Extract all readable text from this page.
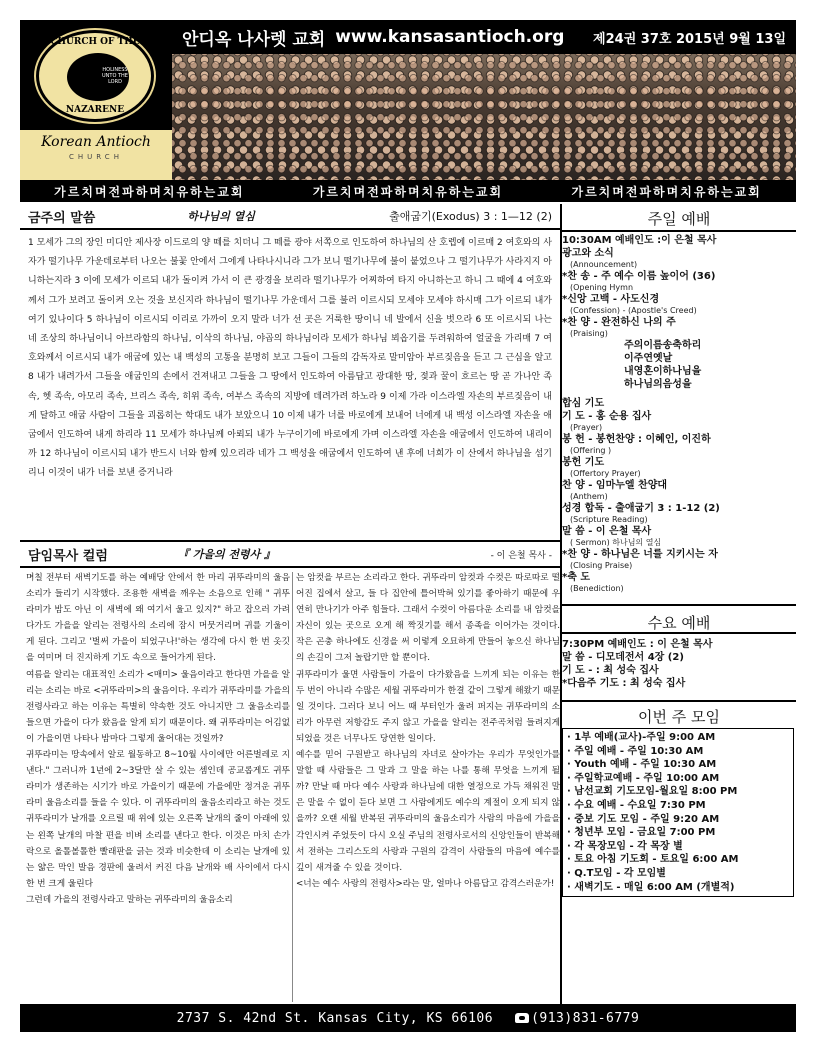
CHURCH OF THE
HOLINESS UNTO THE LORD
NAZARENE
Korean Antioch
CHURCH
안디옥 나사렛 교회 www.kansasantioch.org 제24권 37호 2015년 9월 13일
가르치며전파하며치유하는교회	가르치며전파하며치유하는교회	가르치며전파하며치유하는교회
금주의 말씀	하나님의 열심	출애굽기(Exodus) 3 : 1—12 (2)
1 모세가 그의 장인 미디안 제사장 이드로의 양 떼를 치더니 그 떼를 광야 서쪽으로 인도하여 하나님의 산 호렙에 이르매 2 여호와의 사자가 떨기나무 가운데로부터 나오는 불꽃 안에서 그에게 나타나시니라 그가 보니 떨기나무에 불이 붙었으나 그 떨기나무가 사라지지 아니하는지라 3 이에 모세가 이르되 내가 돌이켜 가서 이 큰 광경을 보리라 떨기나무가 어찌하여 타지 아니하는고 하니 그 때에 4 여호와께서 그가 보려고 돌이켜 오는 것을 보신지라 하나님이 떨기나무 가운데서 그를 불러 이르시되 모세야 모세야 하시매 그가 이르되 내가 여기 있나이다 5 하나님이 이르시되 이리로 가까이 오지 말라 너가 선 곳은 거룩한 땅이니 네 발에서 신을 벗으라 6 또 이르시되 나는 네 조상의 하나님이니 아브라함의 하나님, 이삭의 하나님, 야곱의 하나님이라 모세가 하나님 뵈옵기를 두려워하여 얼굴을 가리매 7 여호와께서 이르시되 내가 애굽에 있는 내 백성의 고통을 분명히 보고 그들이 그들의 감독자로 말미암아 부르짖음을 듣고 그 근심을 알고 8 내가 내려가서 그들을 애굽인의 손에서 건져내고 그들을 그 땅에서 인도하여 아름답고 광대한 땅, 젖과 꿀이 흐르는 땅 곧 가나안 족속, 헷 족속, 아모리 족속, 브리스 족속, 히위 족속, 여부스 족속의 지방에 데려가려 하노라 9 이제 가라 이스라엘 자손의 부르짖음이 내게 달하고 애굽 사람이 그들을 괴롭히는 학대도 내가 보았으니 10 이제 내가 너를 바로에게 보내어 너에게 내 백성 이스라엘 자손을 애굽에서 인도하여 내게 하리라 11 모세가 하나님께 아뢰되 내가 누구이기에 바로에게 가며 이스라엘 자손을 애굽에서 인도하여 내리이까 12 하나님이 이르시되 내가 반드시 너와 함께 있으리라 네가 그 백성을 애굽에서 인도하여 낸 후에 너희가 이 산에서 하나님을 섬기리니 이것이 내가 너를 보낸 증거니라
담임목사 컬럼	『 가을의 전령사 』	- 이 은철 목사 -

며칠 전부터 새벽기도를 하는 예배당 안에서 한 마리 귀뚜라미의 울음소리가 들리기 시작했다. 조용한 새벽을 깨우는 소음으로 인해 " 귀뚜라미가 밤도 아닌 이 새벽에 왜 여기서 울고 있지?" 하고 잡으러 가려다가도 가을을 알리는 전령사의 소리에 잠시 머뭇거리며 귀를 기울이게 된다. 그리고 '벌써 가을이 되었구나!'하는 생각에 다시 한 번 옷깃을 여미며 더 진지하게 기도 속으로 들어가게 된다.

여름을 알리는 대표적인 소리가 <매미> 울음이라고 한다면 가을을 알리는 소리는 바로 <귀뚜라미>의 울음이다. 우리가 귀뚜라미를 가을의 전령사라고 하는 이유는 특별히 약속한 것도 아니지만 그 울음소리를 들으면 가을이 다가 왔음을 알게 되기 때문이다. 왜 귀뚜라미는 어김없이 가을이면 나타나 밤마다 그렇게 울어대는 것일까?

귀뚜라미는 땅속에서 알로 월동하고 8~10월 사이에만 어른벌레로 지낸다." 그러니까 1년에 2~3달만 살 수 있는 셈인데 공교롭게도 귀뚜라미가 생존하는 시기가 바로 가을이기 때문에 가을에만 정겨운 귀뚜라미 울음소리를 들을 수 있다. 이 귀뚜라미의 울음소리라고 하는 것도 귀뚜라미가 날개를 오르릴 때 위에 있는 오른쪽 날개의 줄이 아래에 있는 왼쪽 날개의 마찰 편을 비벼 소리를 낸다고 한다. 이것은 마치 손가락으로 올톨볼톨한 빨래판을 긁는 것과 비슷한데 이 소리는 날개에 있는 얇은 막인 발음 경판에 울려서 커진 다음 날개와 배 사이에서 다시 한 번 크게 울린다

그런데 가을의 전령사라고 말하는 귀뚜라미의 울음소리

는 암컷을 부르는 소리라고 한다. 귀뚜라미 암컷과 수컷은 따로따로 떨어진 집에서 살고, 들 다 집안에 틀어박혀 있기를 좋아하기 때문에 우연히 만나기가 아주 힘들다. 그래서 수컷이 아름다운 소리를 내 암컷을 자신이 있는 곳으로 오게 해 짝짓기를 해서 종족을 이어가는 것이다. 작은 곤충 하나에도 신경을 써 이렇게 오묘하게 만들어 놓으신 하나님의 손길이 그저 놀랍기만 할 뿐이다.

귀뚜라미가 울면 사람들이 가을이 다가왔음을 느끼게 되는 이유는 한두 번이 아니라 수많은 세월 귀뚜라미가 한결 같이 그렇게 해왔기 때문일 것이다. 그러다 보니 어느 때 부터인가 울려 퍼지는 귀뚜라미의 소리가 아무런 저항감도 주지 않고 가을을 알리는 전주곡처럼 들려지게 되었을 것은 너무나도 당연한 일이다.

예수를 믿어 구원받고 하나님의 자녀로 살아가는 우리가 무엇인가를 말할 때 사람들은 그 말과 그 말을 하는 나를 통해 무엇을 느끼게 될까? 만날 때 마다 예수 사랑과 하나님에 대한 열정으로 가득 채워진 말은 말을 수 없이 듣다 보면 그 사람에게도 예수의 계절이 오게 되지 않을까? 오랜 세월 반복된 귀뚜라미의 울음소리가 사람의 마음에 가을을 각인시켜 주었듯이 다시 오실 주님의 전령사로서의 신앙인들이 반복해서 전하는 그리스도의 사랑과 구원의 감격이 사람들의 마음에 예수를 깊이 새겨줄 수 있을 것이다.

<너는 예수 사랑의 전령사>라는 말, 얼마나 아름답고 감격스러운가!

주일 예배
10:30AM 예배인도 :이 은철 목사
광고와 소식
(Announcement)
*찬 송 - 주 예수 이름 높이어 (36)
(Opening Hymn
*신앙 고백 - 사도신경
(Confession) - (Apostle's Creed)
*찬 양 - 완전하신 나의 주
(Praising)
주의이름송축하리
이주연옛날
내영혼이하나님을
하나님의음성을
합심 기도
기 도 - 홍 순용 집사
(Prayer)
봉 헌 - 봉헌찬양 : 이혜인, 이진하
(Offering )
봉헌 기도
(Offertory Prayer)
찬 양 - 임마누엘 찬양대
(Anthem)
성경 합독 - 출애굽기 3 : 1-12 (2)
(Scripture Reading)
말 씀 - 이 은철 목사
( Sermon) 하나님의 열심
*찬 양 - 하나님은 너를 지키시는 자
(Closing Praise)
*축 도
(Benediction)
수요 예배
7:30PM 예배인도 : 이 은철 목사
말 씀 - 디모데전서 4장 (2)
기 도 - : 최 성숙 집사
*다음주 기도 : 최 성숙 집사
이번 주 모임
· 1부 예배(교사)-주일 9:00 AM
· 주일 예배 - 주일 10:30 AM
· Youth 예배 - 주일 10:30 AM
· 주일학교예배 - 주일 10:00 AM
· 남선교회 기도모임-월요일 8:00 PM
· 수요 예배 - 수요일 7:30 PM
· 중보 기도 모임 - 주일 9:20 AM
· 청년부 모임 - 금요일 7:00 PM
· 각 목장모임 - 각 목장 별
· 토요 아침 기도회 - 토요일 6:00 AM
· Q.T모임 - 각 모임별
· 새벽기도 - 매일 6:00 AM (개별적)
2737 S. 42nd St. Kansas City, KS 66106	(913)831-6779
